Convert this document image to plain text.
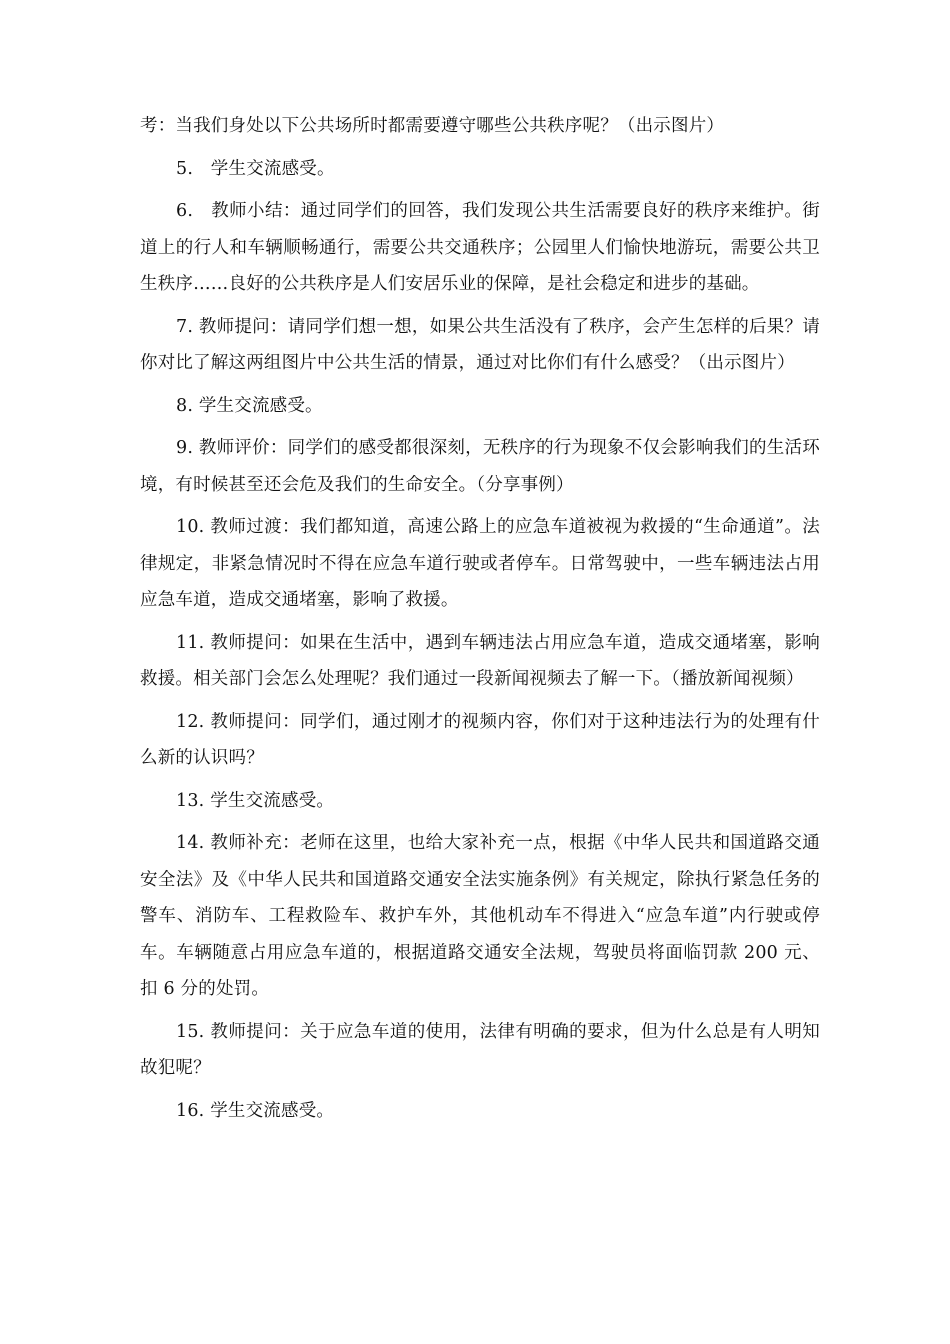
考：当我们身处以下公共场所时都需要遵守哪些公共秩序呢？（出示图片）

5.　学生交流感受。

6.　教师小结：通过同学们的回答，我们发现公共生活需要良好的秩序来维护。街道上的行人和车辆顺畅通行，需要公共交通秩序；公园里人们愉快地游玩，需要公共卫生秩序……良好的公共秩序是人们安居乐业的保障，是社会稳定和进步的基础。

7. 教师提问：请同学们想一想，如果公共生活没有了秩序，会产生怎样的后果？请你对比了解这两组图片中公共生活的情景，通过对比你们有什么感受？（出示图片）

8. 学生交流感受。

9. 教师评价：同学们的感受都很深刻，无秩序的行为现象不仅会影响我们的生活环境，有时候甚至还会危及我们的生命安全。（分享事例）

10. 教师过渡：我们都知道，高速公路上的应急车道被视为救援的“生命通道”。法律规定，非紧急情况时不得在应急车道行驶或者停车。日常驾驶中，一些车辆违法占用应急车道，造成交通堵塞，影响了救援。

11. 教师提问：如果在生活中，遇到车辆违法占用应急车道，造成交通堵塞，影响救援。相关部门会怎么处理呢？我们通过一段新闻视频去了解一下。（播放新闻视频）

12. 教师提问：同学们，通过刚才的视频内容，你们对于这种违法行为的处理有什么新的认识吗？

13. 学生交流感受。

14. 教师补充：老师在这里，也给大家补充一点，根据《中华人民共和国道路交通安全法》及《中华人民共和国道路交通安全法实施条例》有关规定，除执行紧急任务的警车、消防车、工程救险车、救护车外，其他机动车不得进入“应急车道”内行驶或停车。车辆随意占用应急车道的，根据道路交通安全法规，驾驶员将面临罚款 200 元、扣 6 分的处罚。

15. 教师提问：关于应急车道的使用，法律有明确的要求，但为什么总是有人明知故犯呢？

16. 学生交流感受。
